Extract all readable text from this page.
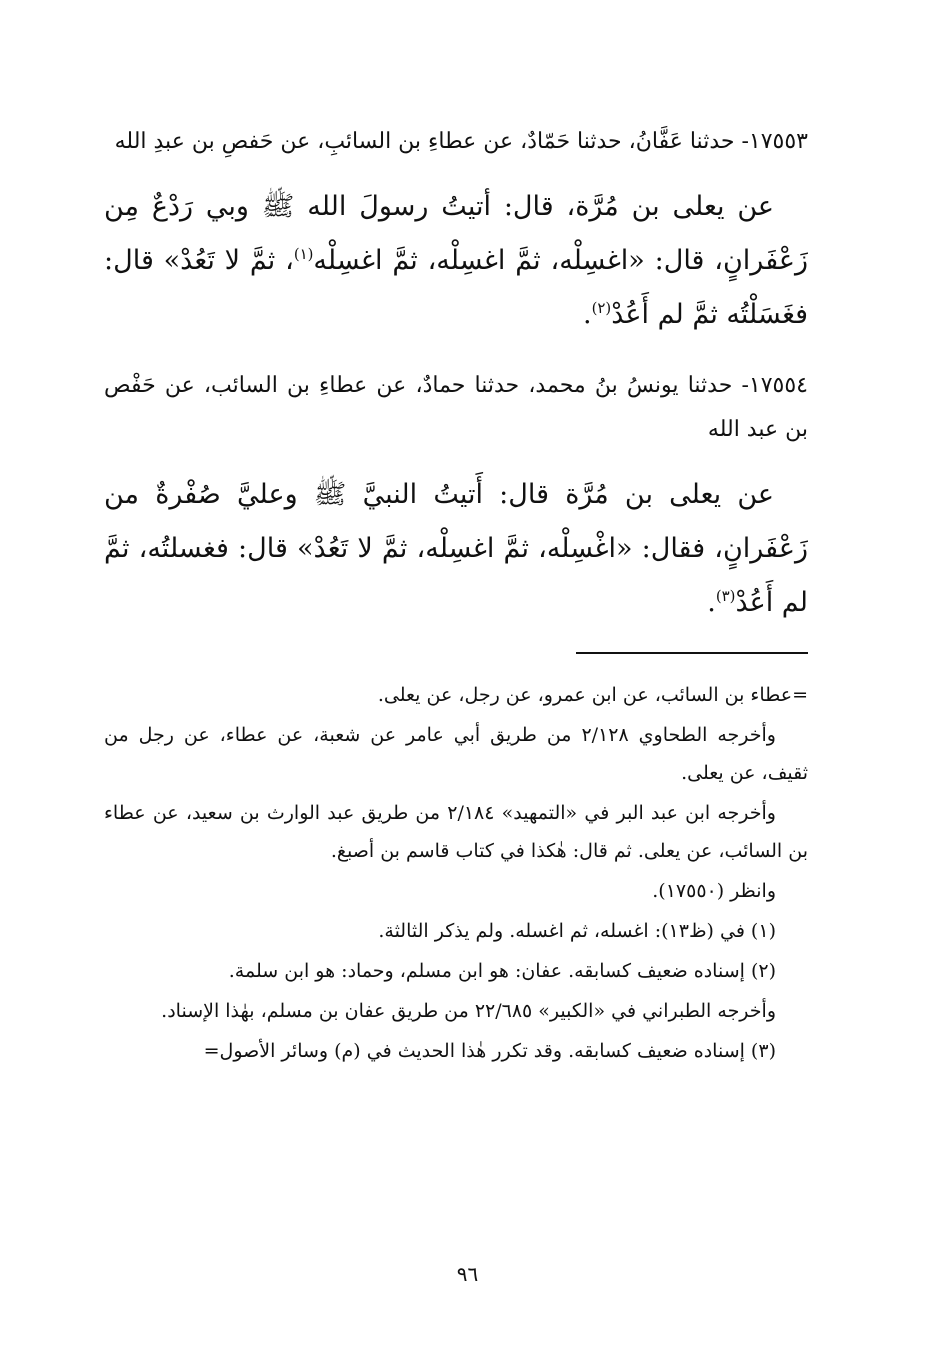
١٧٥٥٣- حدثنا عَفَّانُ، حدثنا حَمّادٌ، عن عطاءِ بن السائبِ، عن حَفصِ بن عبدِ الله

عن يعلى بن مُرَّة، قال: أتيتُ رسولَ الله ﷺ وبي رَدْعٌ مِن زَعْفَرانٍ، قال: «اغسِلْه، ثمَّ اغسِلْه، ثمَّ اغسِلْه$^{(١)}$، ثمَّ لا تَعُدْ» قال: فغَسَلْتُه ثمَّ لم أَعُدْ$^{(٢)}$.

١٧٥٥٤- حدثنا يونسُ بنُ محمد، حدثنا حمادٌ، عن عطاءِ بن السائب، عن حَفْص بن عبد الله

عن يعلى بن مُرَّة قال: أَتيتُ النبيَّ ﷺ وعليَّ صُفْرةٌ من زَعْفَرانٍ، فقال: «اغْسِلْه، ثمَّ اغسِلْه، ثمَّ لا تَعُدْ» قال: فغسلتُه، ثمَّ لم أَعُدْ$^{(٣)}$.

=عطاء بن السائب، عن ابن عمرو، عن رجل، عن يعلى.

وأخرجه الطحاوي ٢/١٢٨ من طريق أبي عامر عن شعبة، عن عطاء، عن رجل من ثقيف، عن يعلى.

وأخرجه ابن عبد البر في «التمهيد» ٢/١٨٤ من طريق عبد الوارث بن سعيد، عن عطاء بن السائب، عن يعلى. ثم قال: هٰكذا في كتاب قاسم بن أصبغ.

وانظر (١٧٥٥٠).

(١) في (ظ١٣): اغسله، ثم اغسله. ولم يذكر الثالثة.

(٢) إسناده ضعيف كسابقه. عفان: هو ابن مسلم، وحماد: هو ابن سلمة.

وأخرجه الطبراني في «الكبير» ٢٢/٦٨٥ من طريق عفان بن مسلم، بهٰذا الإسناد.

(٣) إسناده ضعيف كسابقه. وقد تكرر هٰذا الحديث في (م) وسائر الأصول=

٩٦
